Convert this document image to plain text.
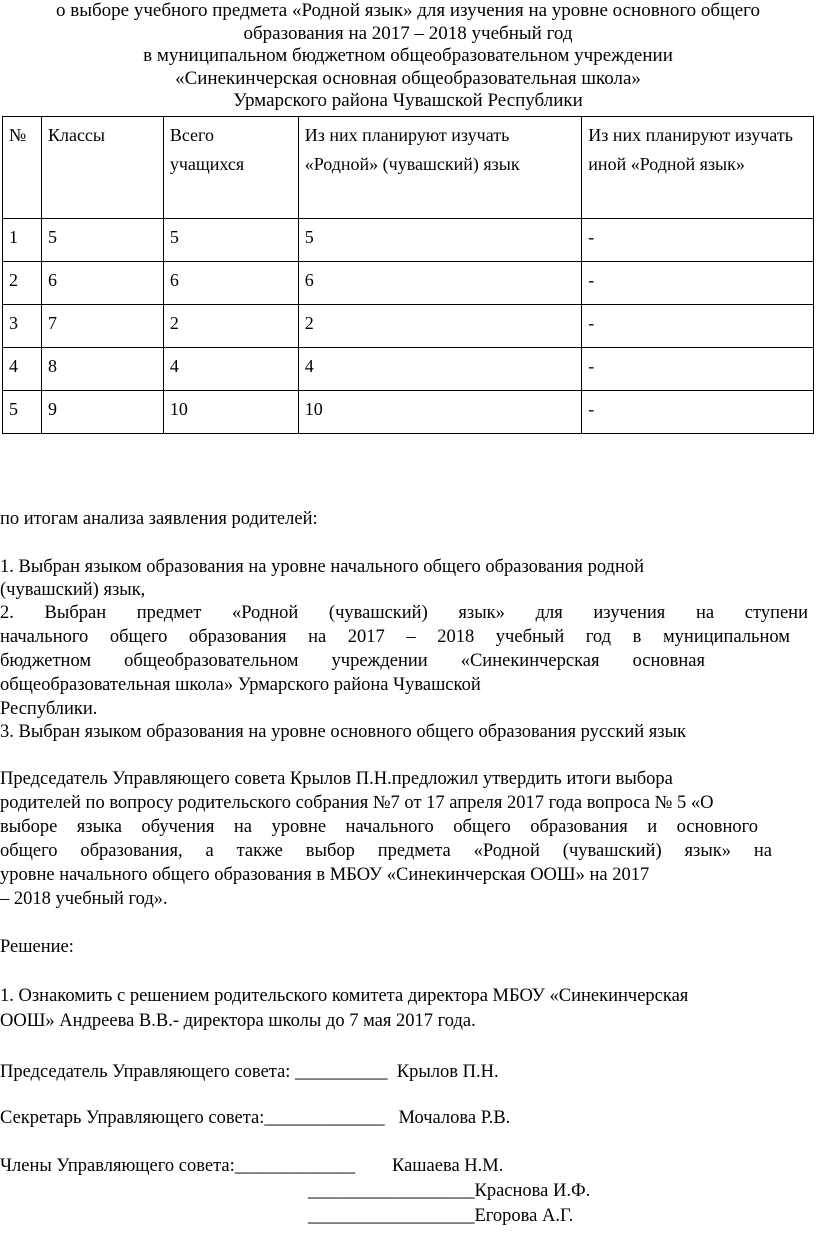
о выборе учебного предмета «Родной язык» для изучения на уровне основного общего
образования на 2017 – 2018 учебный год
в муниципальном бюджетном общеобразовательном учреждении
«Синекинчерская основная общеобразовательная школа»
Урмарского района Чувашской Республики
№	Классы	Всего учащихся	Из них планируют изучать «Родной» (чувашский) язык	Из них планируют изучать иной «Родной язык»
1	5	5	5	-
2	6	6	6	-
3	7	2	2	-
4	8	4	4	-
5	9	10	10	-
по итогам анализа заявления родителей:
1. Выбран языком образования на уровне начального общего образования родной
(чувашский) язык,
2. Выбран предмет «Родной (чувашский) язык» для изучения на ступени
начального общего образования на 2017 – 2018 учебный год в муниципальном
бюджетном общеобразовательном учреждении «Синекинчерская основная
общеобразовательная школа» Урмарского района Чувашской
Республики.
3. Выбран языком образования на уровне основного общего образования русский язык
Председатель Управляющего совета Крылов П.Н.предложил утвердить итоги выбора
родителей по вопросу родительского собрания №7 от 17 апреля 2017 года вопроса № 5 «О
выборе языка обучения на уровне начального общего образования и основного
общего образования, а также выбор предмета «Родной (чувашский) язык» на
уровне начального общего образования в МБОУ «Синекинчерская ООШ» на 2017
– 2018 учебный год».
Решение:
1. Ознакомить с решением родительского комитета директора МБОУ «Синекинчерская
ООШ» Андреева В.В.- директора школы до 7 мая 2017 года.
Председатель Управляющего совета: __________  Крылов П.Н.
Секретарь Управляющего совета:_____________   Мочалова Р.В.
Члены Управляющего совета:_____________        Кашаева Н.М.
__________________Краснова И.Ф.
__________________Егорова А.Г.
